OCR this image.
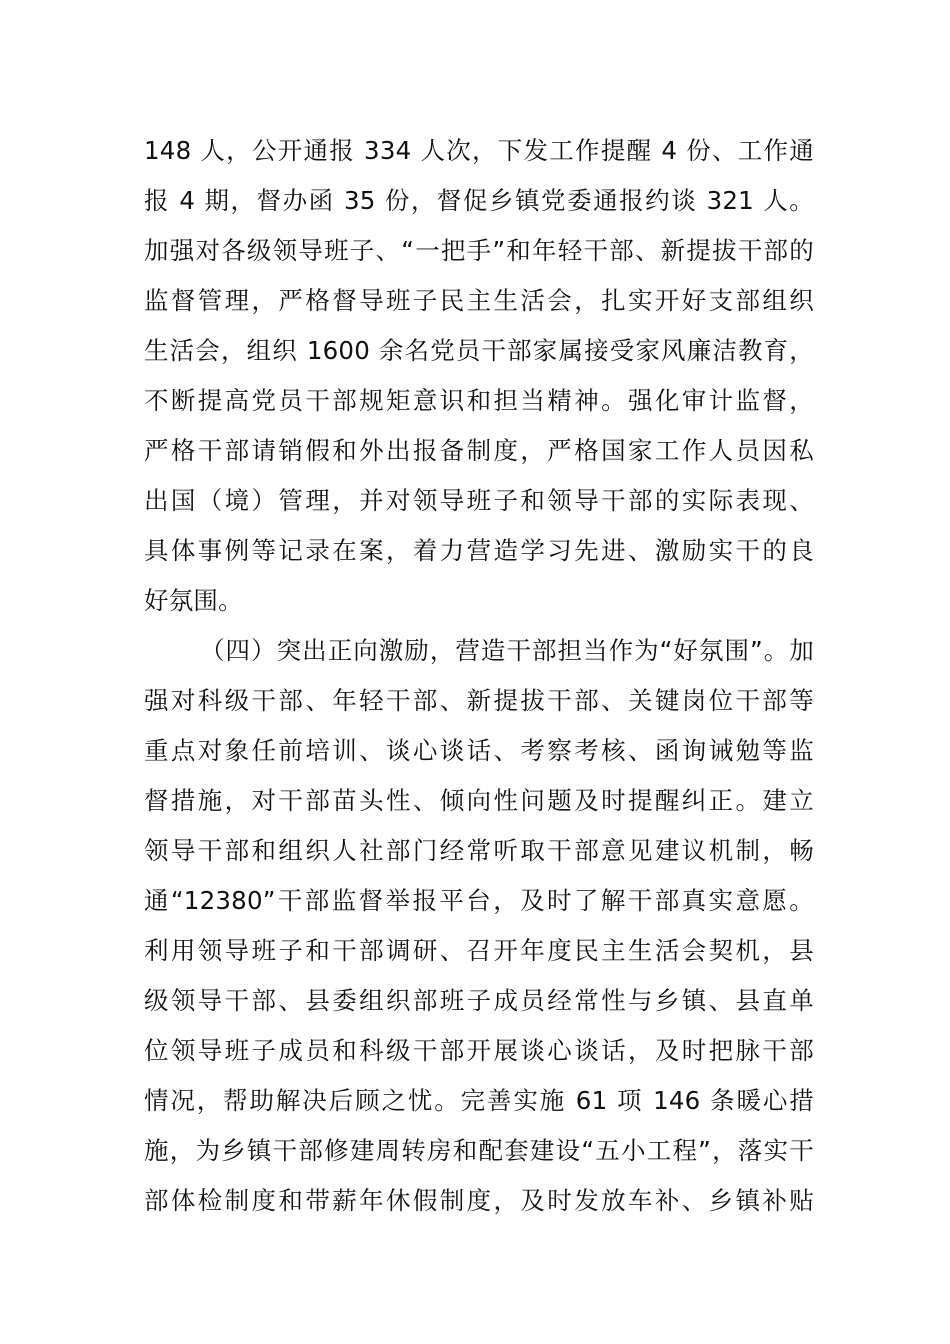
148 人，公开通报 334 人次，下发工作提醒 4 份、工作通
报 4 期，督办函 35 份，督促乡镇党委通报约谈 321 人。
加强对各级领导班子、“一把手”和年轻干部、新提拔干部的
监督管理，严格督导班子民主生活会，扎实开好支部组织
生活会，组织 1600 余名党员干部家属接受家风廉洁教育，
不断提高党员干部规矩意识和担当精神。强化审计监督，
严格干部请销假和外出报备制度，严格国家工作人员因私
出国（境）管理，并对领导班子和领导干部的实际表现、
具体事例等记录在案，着力营造学习先进、激励实干的良
好氛围。
（四）突出正向激励，营造干部担当作为“好氛围”。加
强对科级干部、年轻干部、新提拔干部、关键岗位干部等
重点对象任前培训、谈心谈话、考察考核、函询诫勉等监
督措施，对干部苗头性、倾向性问题及时提醒纠正。建立
领导干部和组织人社部门经常听取干部意见建议机制，畅
通“12380”干部监督举报平台，及时了解干部真实意愿。
利用领导班子和干部调研、召开年度民主生活会契机，县
级领导干部、县委组织部班子成员经常性与乡镇、县直单
位领导班子成员和科级干部开展谈心谈话，及时把脉干部
情况，帮助解决后顾之忧。完善实施 61 项 146 条暖心措
施，为乡镇干部修建周转房和配套建设“五小工程”，落实干
部体检制度和带薪年休假制度，及时发放车补、乡镇补贴
